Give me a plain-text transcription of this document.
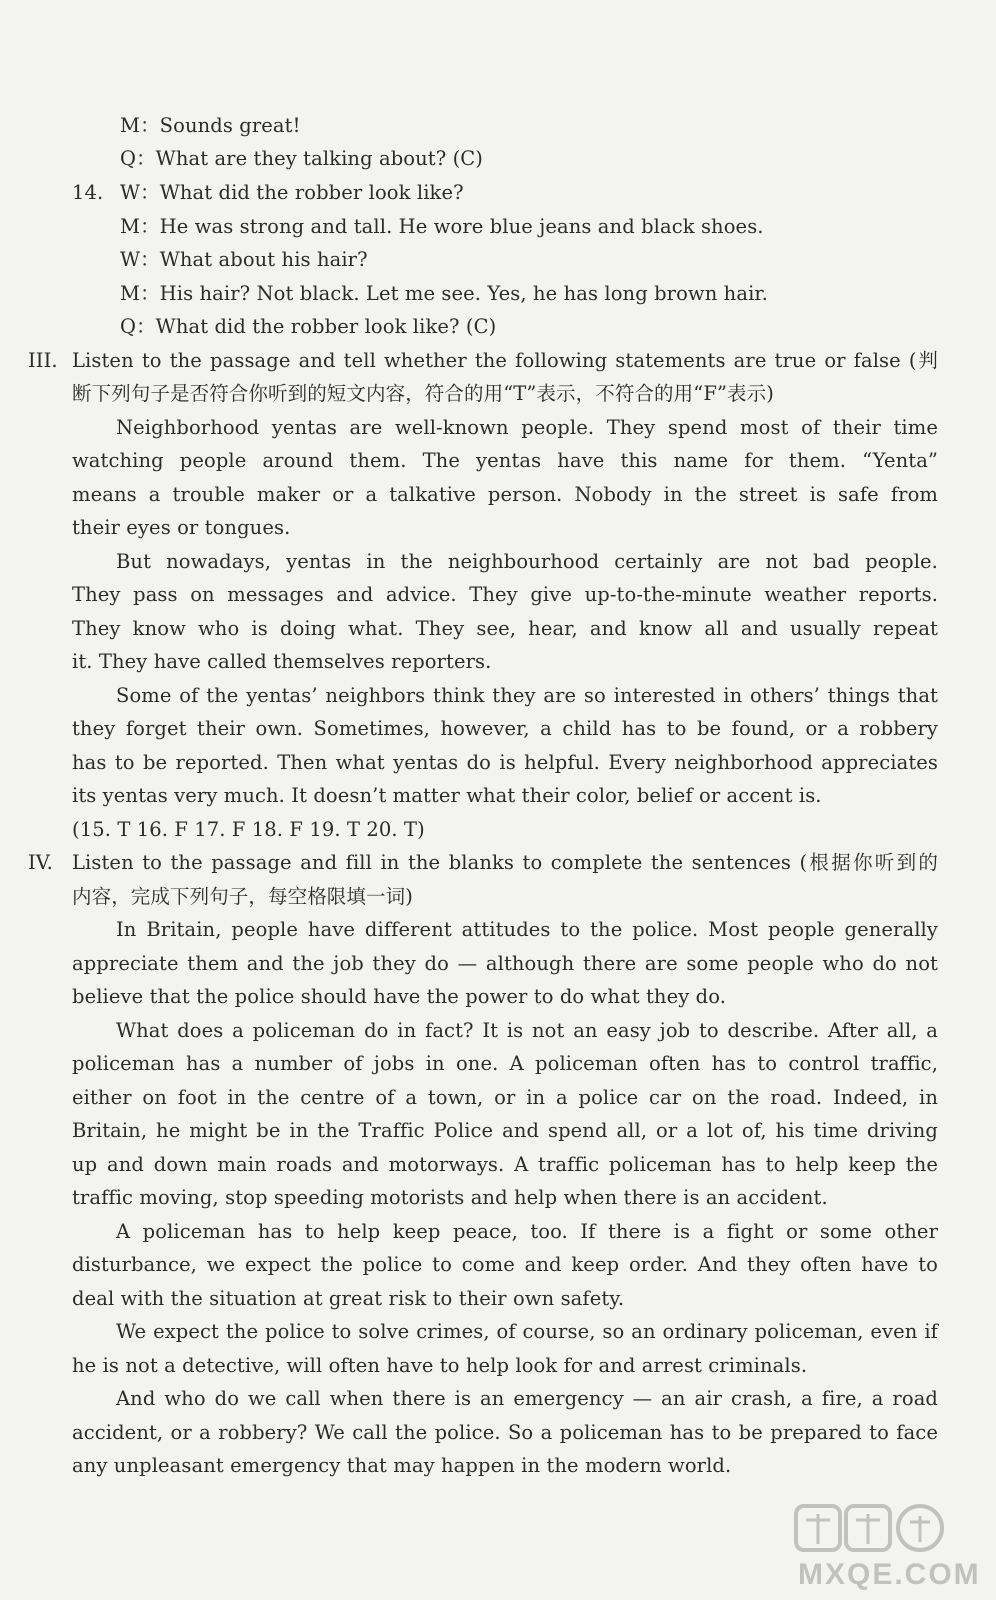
M：Sounds great!
Q：What are they talking about? (C)
14. W：What did the robber look like?
M：He was strong and tall. He wore blue jeans and black shoes.
W：What about his hair?
M：His hair? Not black. Let me see. Yes, he has long brown hair.
Q：What did the robber look like? (C)
III. Listen to the passage and tell whether the following statements are true or false (判
断下列句子是否符合你听到的短文内容，符合的用“T”表示，不符合的用“F”表示)
Neighborhood yentas are well-known people. They spend most of their time
watching people around them. The yentas have this name for them. “Yenta”
means a trouble maker or a talkative person. Nobody in the street is safe from
their eyes or tongues.
But nowadays, yentas in the neighbourhood certainly are not bad people.
They pass on messages and advice. They give up-to-the-minute weather reports.
They know who is doing what. They see, hear, and know all and usually repeat
it. They have called themselves reporters.
Some of the yentas’ neighbors think they are so interested in others’ things that
they forget their own. Sometimes, however, a child has to be found, or a robbery
has to be reported. Then what yentas do is helpful. Every neighborhood appreciates
its yentas very much. It doesn’t matter what their color, belief or accent is.
(15. T 16. F 17. F 18. F 19. T 20. T)
IV. Listen to the passage and fill in the blanks to complete the sentences (根据你听到的
内容，完成下列句子，每空格限填一词)
In Britain, people have different attitudes to the police. Most people generally
appreciate them and the job they do — although there are some people who do not
believe that the police should have the power to do what they do.
What does a policeman do in fact? It is not an easy job to describe. After all, a
policeman has a number of jobs in one. A policeman often has to control traffic,
either on foot in the centre of a town, or in a police car on the road. Indeed, in
Britain, he might be in the Traffic Police and spend all, or a lot of, his time driving
up and down main roads and motorways. A traffic policeman has to help keep the
traffic moving, stop speeding motorists and help when there is an accident.
A policeman has to help keep peace, too. If there is a fight or some other
disturbance, we expect the police to come and keep order. And they often have to
deal with the situation at great risk to their own safety.
We expect the police to solve crimes, of course, so an ordinary policeman, even if
he is not a detective, will often have to help look for and arrest criminals.
And who do we call when there is an emergency — an air crash, a fire, a road
accident, or a robbery? We call the police. So a policeman has to be prepared to face
any unpleasant emergency that may happen in the modern world.
MXQE.COM
